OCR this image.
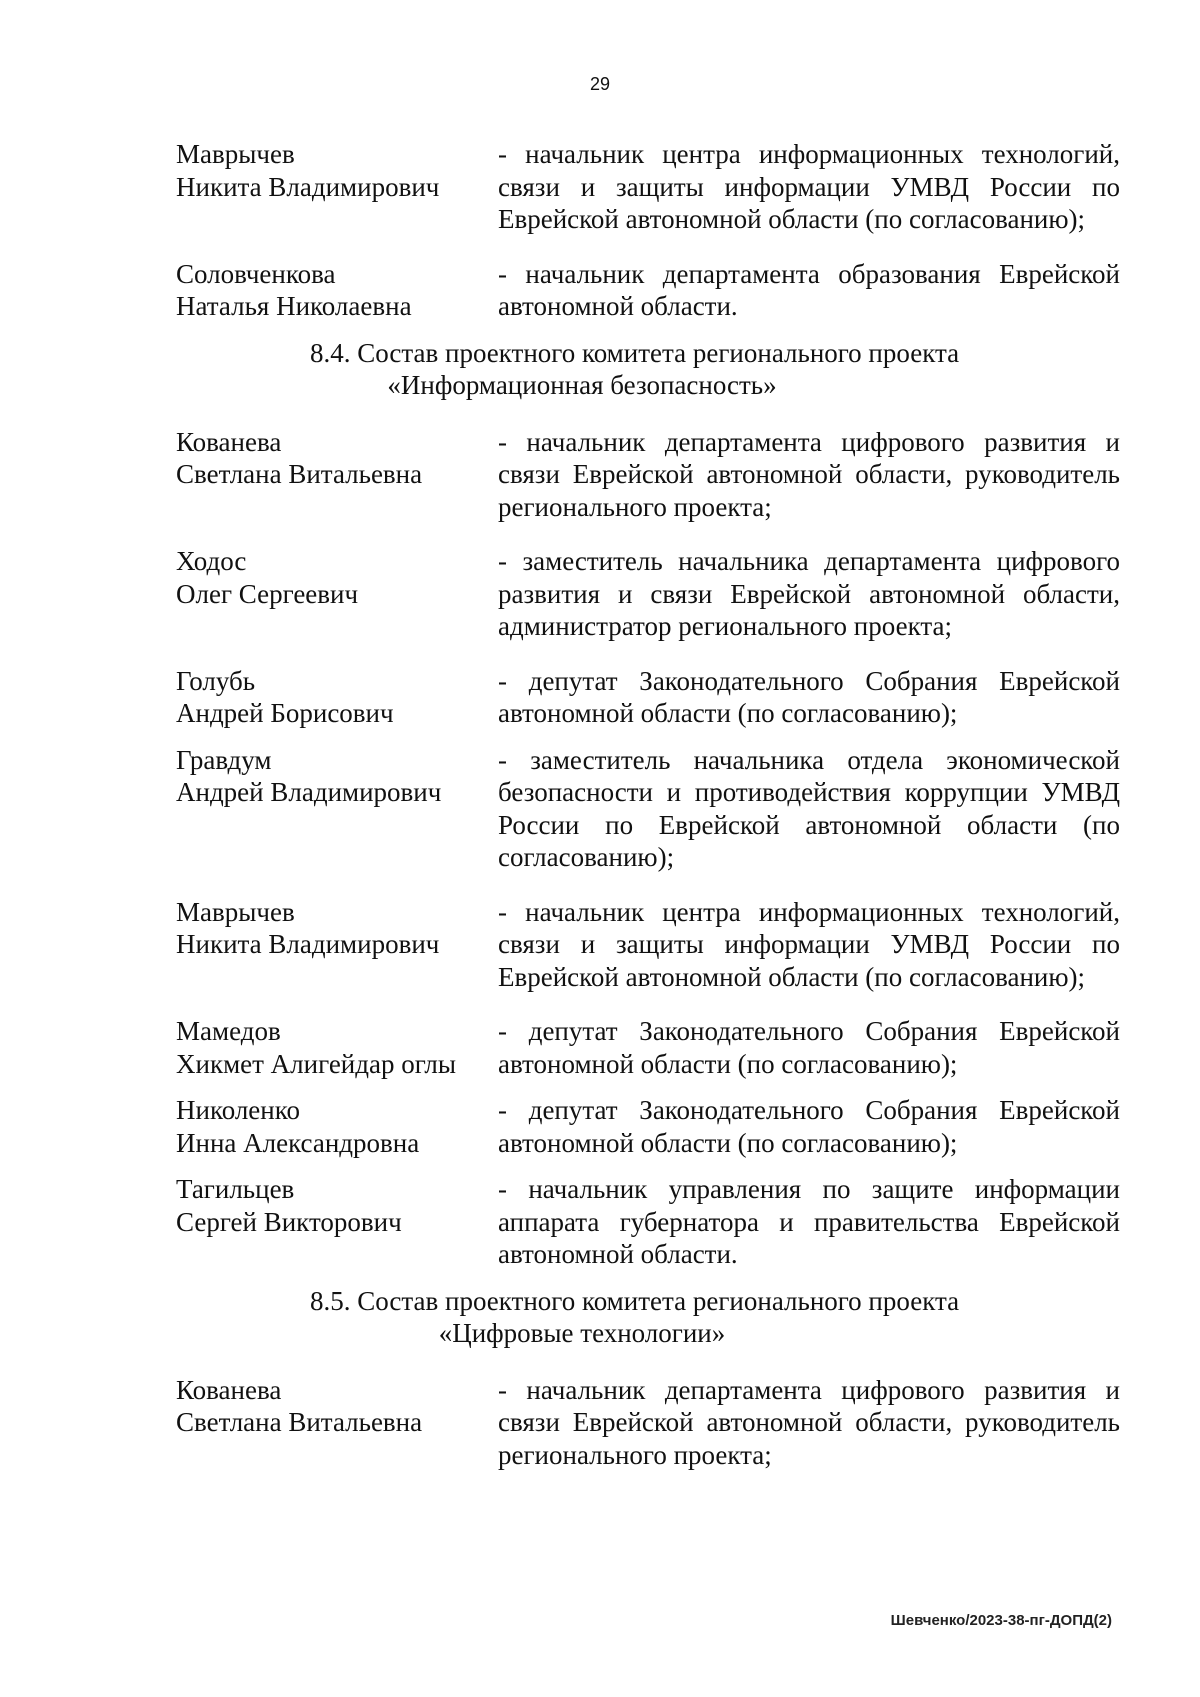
29
Маврычев
Никита Владимирович

- начальник центра информационных технологий, связи и защиты информации УМВД России по Еврейской автономной области (по согласованию);

Соловченкова
Наталья Николаевна

- начальник департамента образования Еврейской автономной области.

8.4. Состав проектного комитета регионального проекта
«Информационная безопасность»
Кованева
Светлана Витальевна

- начальник департамента цифрового развития и связи Еврейской автономной области, руководитель регионального проекта;

Ходос
Олег Сергеевич

- заместитель начальника департамента цифрового развития и связи Еврейской автономной области, администратор регионального проекта;

Голубь
Андрей Борисович

- депутат Законодательного Собрания Еврейской автономной области (по согласованию);

Гравдум
Андрей Владимирович

- заместитель начальника отдела экономической безопасности и противодействия коррупции УМВД России по Еврейской автономной области (по согласованию);

Маврычев
Никита Владимирович

- начальник центра информационных технологий, связи и защиты информации УМВД России по Еврейской автономной области (по согласованию);

Мамедов
Хикмет Алигейдар оглы

- депутат Законодательного Собрания Еврейской автономной области (по согласованию);

Николенко
Инна Александровна

- депутат Законодательного Собрания Еврейской автономной области (по согласованию);

Тагильцев
Сергей Викторович

- начальник управления по защите информации аппарата губернатора и правительства Еврейской автономной области.

8.5. Состав проектного комитета регионального проекта
«Цифровые технологии»
Кованева
Светлана Витальевна

- начальник департамента цифрового развития и связи Еврейской автономной области, руководитель регионального проекта;

Шевченко/2023-38-пг-ДОПД(2)
